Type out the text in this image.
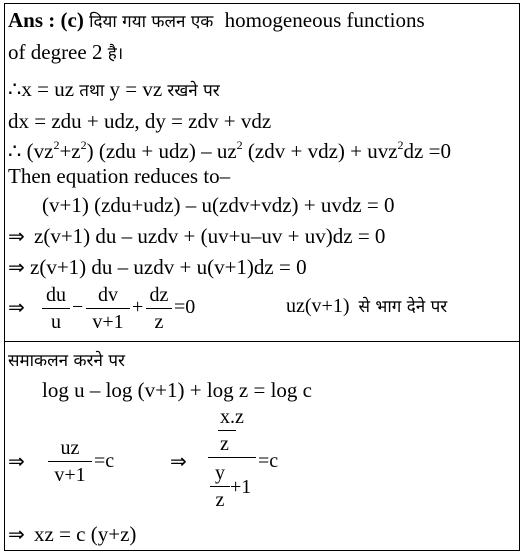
Ans : (c) दिया गया फलन एक homogeneous functions
of degree 2 है।
∴x = uz तथा y = vz रखने पर
dx = zdu + udz, dy = zdv + vdz
∴ $(vz^2+z^2) (zdu + udz) - uz^2$ (zdv + vdz) + uvz$^2$dz =0
Then equation reduces to–
(v+1) (zdu+udz) – u(zdv+vdz) + uvdz = 0
⇒ z(v+1) du – uzdv + (uv+u–uv + uv)dz = 0
⇒ z(v+1) du – uzdv + u(v+1)dz = 0
⇒ du
u
−
dv
v+1
+
dz
z
=0	uz(v+1) से भाग देने पर
समाकलन करने पर
log u – log (v+1) + log z = log c
⇒
uz
v+1
=c	⇒
x.z
z
y
z
+1
=c
⇒ xz = c (y+z)
